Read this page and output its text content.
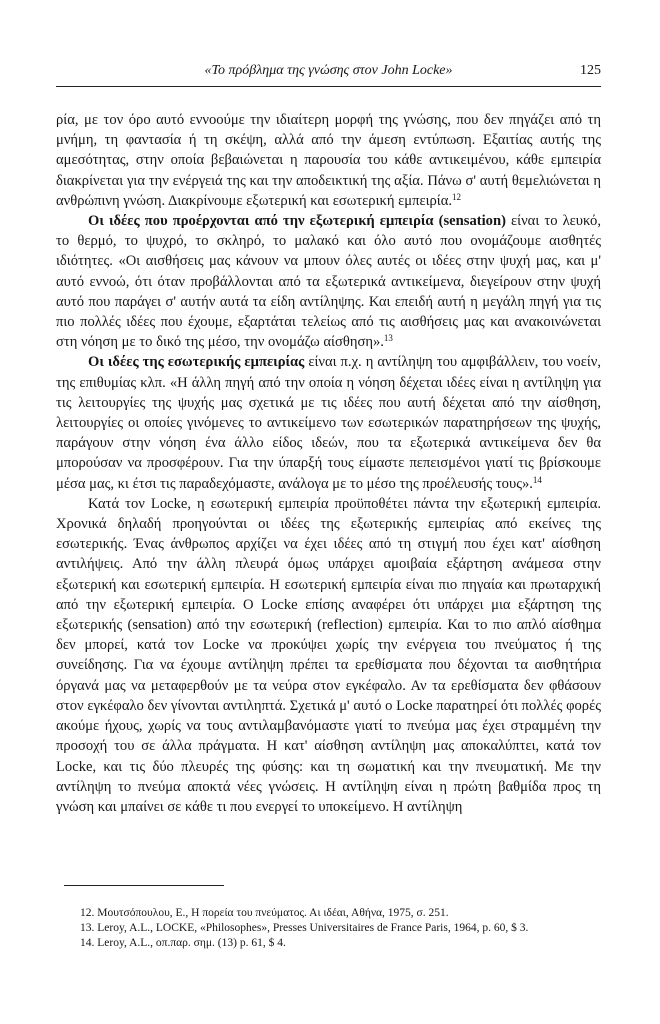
«Το πρόβλημα της γνώσης στον John Locke»	125

ρία, με τον όρο αυτό εννοούμε την ιδιαίτερη μορφή της γνώσης, που δεν πηγάζει από τη μνήμη, τη φαντασία ή τη σκέψη, αλλά από την άμεση εντύπωση. Εξαιτίας αυτής της αμεσότητας, στην οποία βεβαιώνεται η παρουσία του κάθε αντικειμένου, κάθε εμπειρία διακρίνεται για την ενέργειά της και την αποδεικτική της αξία. Πάνω σ' αυτή θεμελιώνεται η ανθρώπινη γνώση. Διακρίνουμε εξωτερική και εσωτερική εμπειρία.$^{12}$

Οι ιδέες που προέρχονται από την εξωτερική εμπειρία (sensation) είναι το λευκό, το θερμό, το ψυχρό, το σκληρό, το μαλακό και όλο αυτό που ονομάζουμε αισθητές ιδιότητες. «Οι αισθήσεις μας κάνουν να μπουν όλες αυτές οι ιδέες στην ψυχή μας, και μ' αυτό εννοώ, ότι όταν προβάλλονται από τα εξωτερικά αντικείμενα, διεγείρουν στην ψυχή αυτό που παράγει σ' αυτήν αυτά τα είδη αντίληψης. Και επειδή αυτή η μεγάλη πηγή για τις πιο πολλές ιδέες που έχουμε, εξαρτάται τελείως από τις αισθήσεις μας και ανακοινώνεται στη νόηση με το δικό της μέσο, την ονομάζω αίσθηση».$^{13}$

Οι ιδέες της εσωτερικής εμπειρίας είναι π.χ. η αντίληψη του αμφιβάλλειν, του νοείν, της επιθυμίας κλπ. «Η άλλη πηγή από την οποία η νόηση δέχεται ιδέες είναι η αντίληψη για τις λειτουργίες της ψυχής μας σχετικά με τις ιδέες που αυτή δέχεται από την αίσθηση, λειτουργίες οι οποίες γινόμενες το αντικείμενο των εσωτερικών παρατηρήσεων της ψυχής, παράγουν στην νόηση ένα άλλο είδος ιδεών, που τα εξωτερικά αντικείμενα δεν θα μπορούσαν να προσφέρουν. Για την ύπαρξή τους είμαστε πεπεισμένοι γιατί τις βρίσκουμε μέσα μας, κι έτσι τις παραδεχόμαστε, ανάλογα με το μέσο της προέλευσής τους».$^{14}$

Κατά τον Locke, η εσωτερική εμπειρία προϋποθέτει πάντα την εξωτερική εμπειρία. Χρονικά δηλαδή προηγούνται οι ιδέες της εξωτερικής εμπειρίας από εκείνες της εσωτερικής. Ένας άνθρωπος αρχίζει να έχει ιδέες από τη στιγμή που έχει κατ' αίσθηση αντιλήψεις. Από την άλλη πλευρά όμως υπάρχει αμοιβαία εξάρτηση ανάμεσα στην εξωτερική και εσωτερική εμπειρία. Η εσωτερική εμπειρία είναι πιο πηγαία και πρωταρχική από την εξωτερική εμπειρία. Ο Locke επίσης αναφέρει ότι υπάρχει μια εξάρτηση της εξωτερικής (sensation) από την εσωτερική (reflection) εμπειρία. Και το πιο απλό αίσθημα δεν μπορεί, κατά τον Locke να προκύψει χωρίς την ενέργεια του πνεύματος ή της συνείδησης. Για να έχουμε αντίληψη πρέπει τα ερεθίσματα που δέχονται τα αισθητήρια όργανά μας να μεταφερθούν με τα νεύρα στον εγκέφαλο. Αν τα ερεθίσματα δεν φθάσουν στον εγκέφαλο δεν γίνονται αντιληπτά. Σχετικά μ' αυτό ο Locke παρατηρεί ότι πολλές φορές ακούμε ήχους, χωρίς να τους αντιλαμβανόμαστε γιατί το πνεύμα μας έχει στραμμένη την προσοχή του σε άλλα πράγματα. Η κατ' αίσθηση αντίληψη μας αποκαλύπτει, κατά τον Locke, και τις δύο πλευρές της φύσης: και τη σωματική και την πνευματική. Με την αντίληψη το πνεύμα αποκτά νέες γνώσεις. Η αντίληψη είναι η πρώτη βαθμίδα προς τη γνώση και μπαίνει σε κάθε τι που ενεργεί το υποκείμενο. Η αντίληψη

12. Μουτσόπουλου, Ε., Η πορεία του πνεύματος. Αι ιδέαι, Αθήνα, 1975, σ. 251.

13. Leroy, A.L., LOCKE, «Philosophes», Presses Universitaires de France Paris, 1964, p. 60, $ 3.

14. Leroy, A.L., οπ.παρ. σημ. (13) p. 61, $ 4.
